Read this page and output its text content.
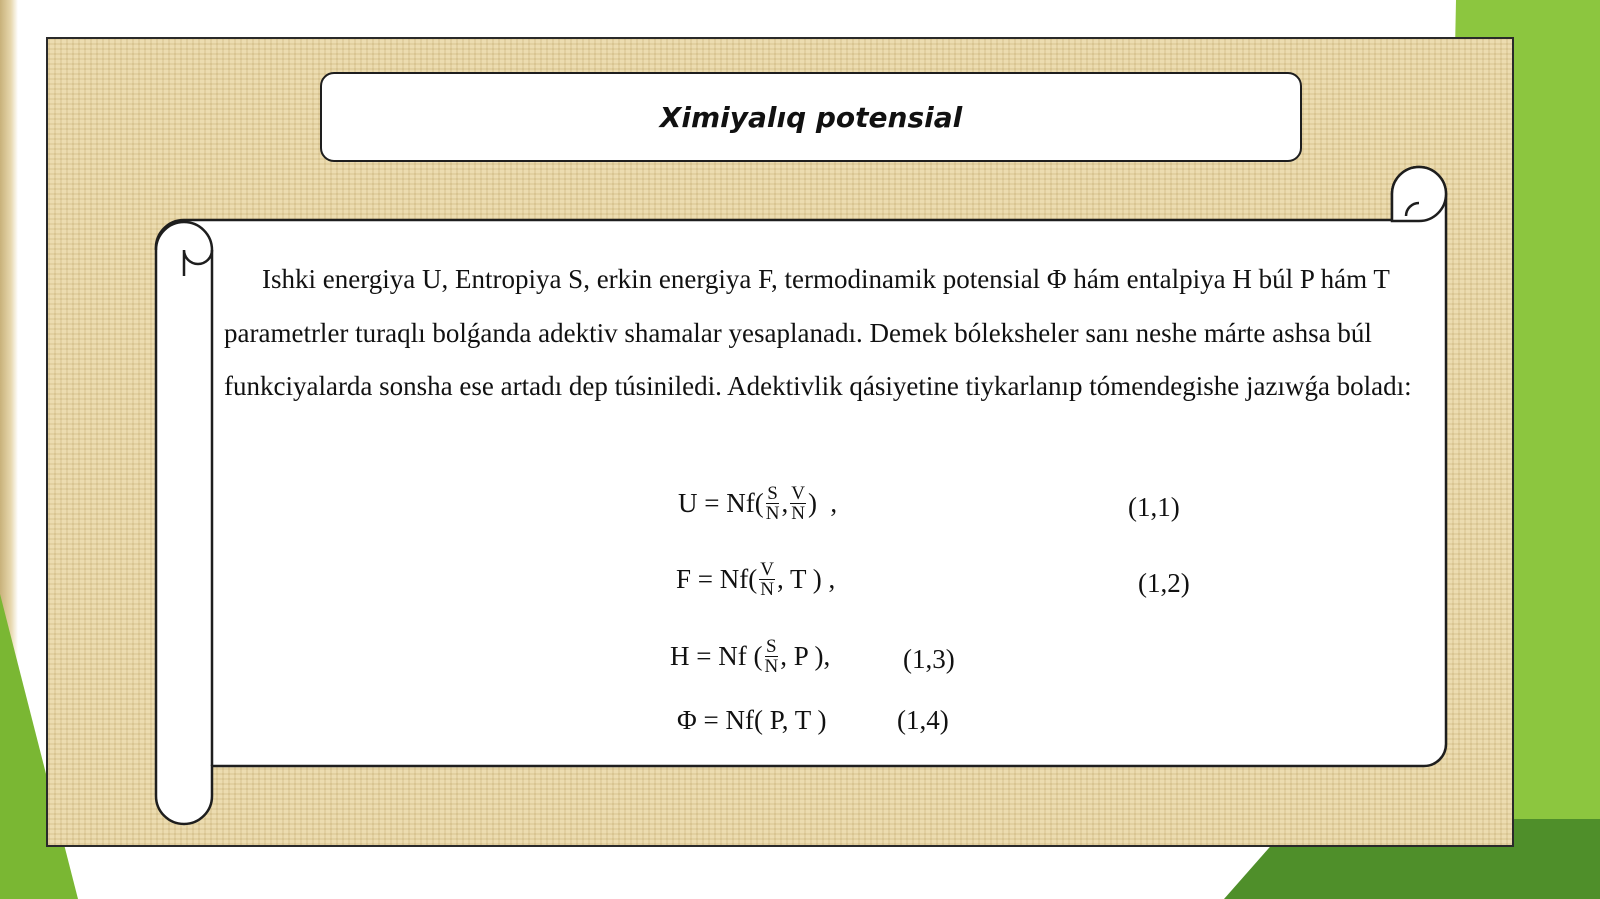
Ximiyalıq potensial

Ishki energiya U, Entropiya S, erkin energiya F, termodinamik potensial Φ hám entalpiya H búl P hám T parametrler turaqlı bolǵanda adektiv shamalar yesaplanadı. Demek bóleksheler sanı neshe márte ashsa búl funkciyalarda sonsha ese artadı dep túsiniledi. Adektivlik qásiyetine tiykarlanıp tómendegishe jazıwǵa boladı:

$U = Nf( \frac{S}{N}$ , $\frac{V}{N}$ )  ,	(1,1)
$F = Nf( \frac{V}{N}$ , T ) ,	(1,2)
H = Nf ( $\frac{S}{N}$ , P ),	(1,3)
Φ = Nf( P, T )	(1,4)
